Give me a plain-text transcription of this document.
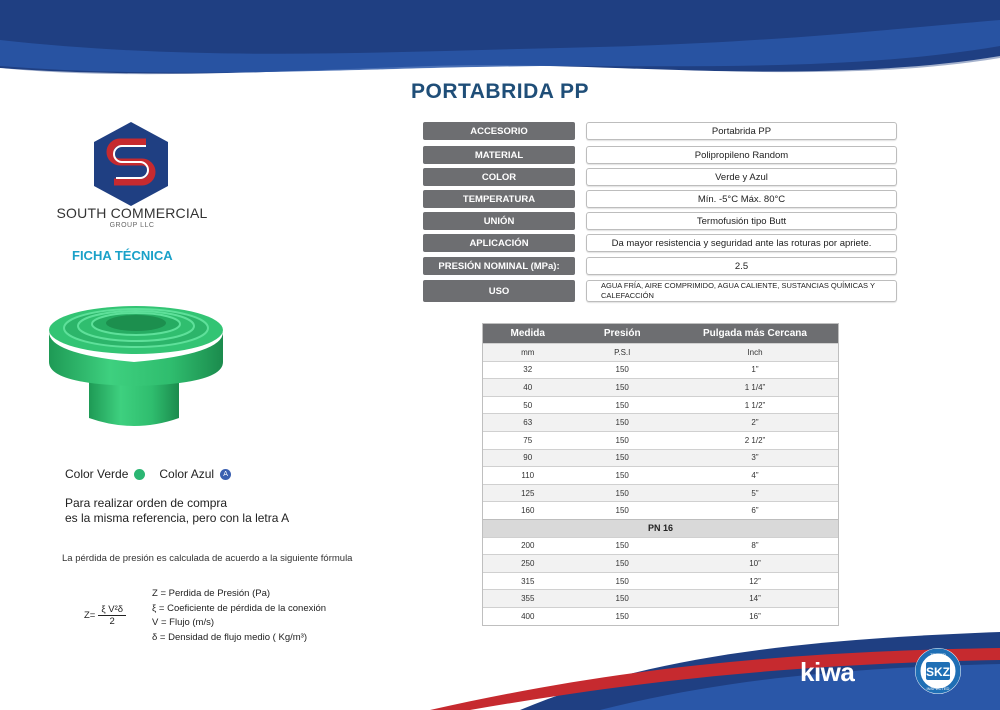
PORTABRIDA PP
SOUTH COMMERCIAL
GROUP LLC
FICHA TÉCNICA
Color Verde	Color Azul	A
Para realizar orden de compra
es la misma referencia, pero con la letra A
La pérdida de presión es calculada de acuerdo a la siguiente fórmula
$Z= \frac{\text{ξ V²δ}}{2}$
Z = Perdida de Presión (Pa)
ξ = Coeficiente de pérdida de la conexión
V = Flujo (m/s)
δ = Densidad de flujo medio ( Kg/m³)
ACCESORIO	Portabrida PP
MATERIAL	Polipropileno Random
COLOR	Verde y Azul
TEMPERATURA	Mín. -5°C Máx. 80°C
UNIÓN	Termofusión tipo Butt
APLICACIÓN	Da mayor resistencia y seguridad ante las roturas por apriete.
PRESIÓN NOMINAL (MPa):	2.5
USO	AGUA FRÍA, AIRE COMPRIMIDO, AGUA CALIENTE, SUSTANCIAS QUÍMICAS Y CALEFACCIÓN
Medida	Presión	Pulgada más Cercana
mm	P.S.I	Inch
32	150	1”
40	150	1 1/4”
50	150	1 1/2”
63	150	2”
75	150	2 1/2”
90	150	3”
110	150	4”
125	150	5”
160	150	6”
PN 16
200	150	8”
250	150	10”
315	150	12”
355	150	14”
400	150	16”
kiwa	SKZ
TESTED
INSPECTED
